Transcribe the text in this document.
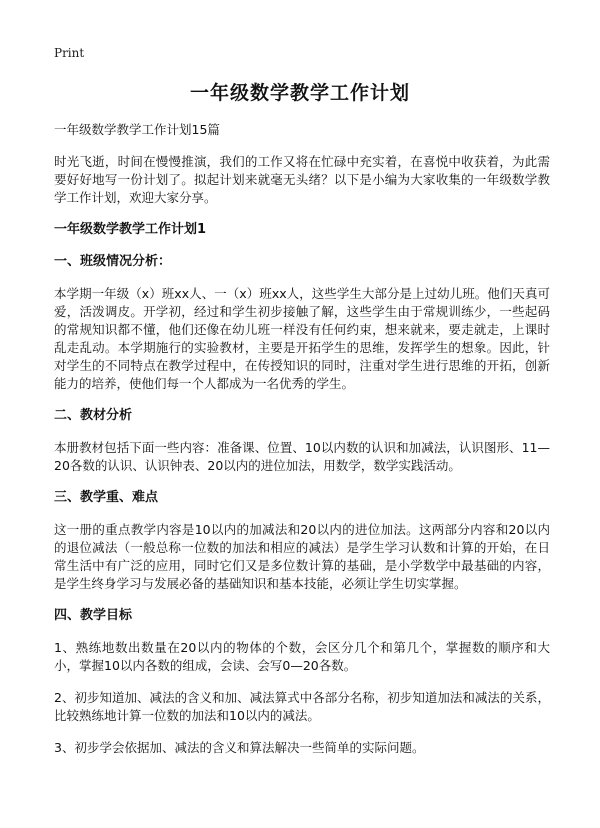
Print
一年级数学教学工作计划

一年级数学教学工作计划15篇

时光飞逝，时间在慢慢推演，我们的工作又将在忙碌中充实着，在喜悦中收获着，为此需要好好地写一份计划了。拟起计划来就毫无头绪？以下是小编为大家收集的一年级数学教学工作计划，欢迎大家分享。

一年级数学教学工作计划1

一、班级情况分析：

本学期一年级（x）班xx人、一（x）班xx人，这些学生大部分是上过幼儿班。他们天真可爱，活泼调皮。开学初，经过和学生初步接触了解，这些学生由于常规训练少，一些起码的常规知识都不懂，他们还像在幼儿班一样没有任何约束，想来就来，要走就走，上课时乱走乱动。本学期施行的实验教材，主要是开拓学生的思维，发挥学生的想象。因此，针对学生的不同特点在教学过程中，在传授知识的同时，注重对学生进行思维的开拓，创新能力的培养，使他们每一个人都成为一名优秀的学生。

二、教材分析

本册教材包括下面一些内容：准备课、位置、10以内数的认识和加减法，认识图形、11—20各数的认识、认识钟表、20以内的进位加法，用数学，数学实践活动。

三、教学重、难点

这一册的重点教学内容是10以内的加减法和20以内的进位加法。这两部分内容和20以内的退位减法（一般总称一位数的加法和相应的减法）是学生学习认数和计算的开始，在日常生活中有广泛的应用，同时它们又是多位数计算的基础，是小学数学中最基础的内容，是学生终身学习与发展必备的基础知识和基本技能，必须让学生切实掌握。

四、教学目标

1、熟练地数出数量在20以内的物体的个数，会区分几个和第几个，掌握数的顺序和大小，掌握10以内各数的组成，会读、会写0—20各数。

2、初步知道加、减法的含义和加、减法算式中各部分名称，初步知道加法和减法的关系，比较熟练地计算一位数的加法和10以内的减法。

3、初步学会依据加、减法的含义和算法解决一些简单的实际问题。
